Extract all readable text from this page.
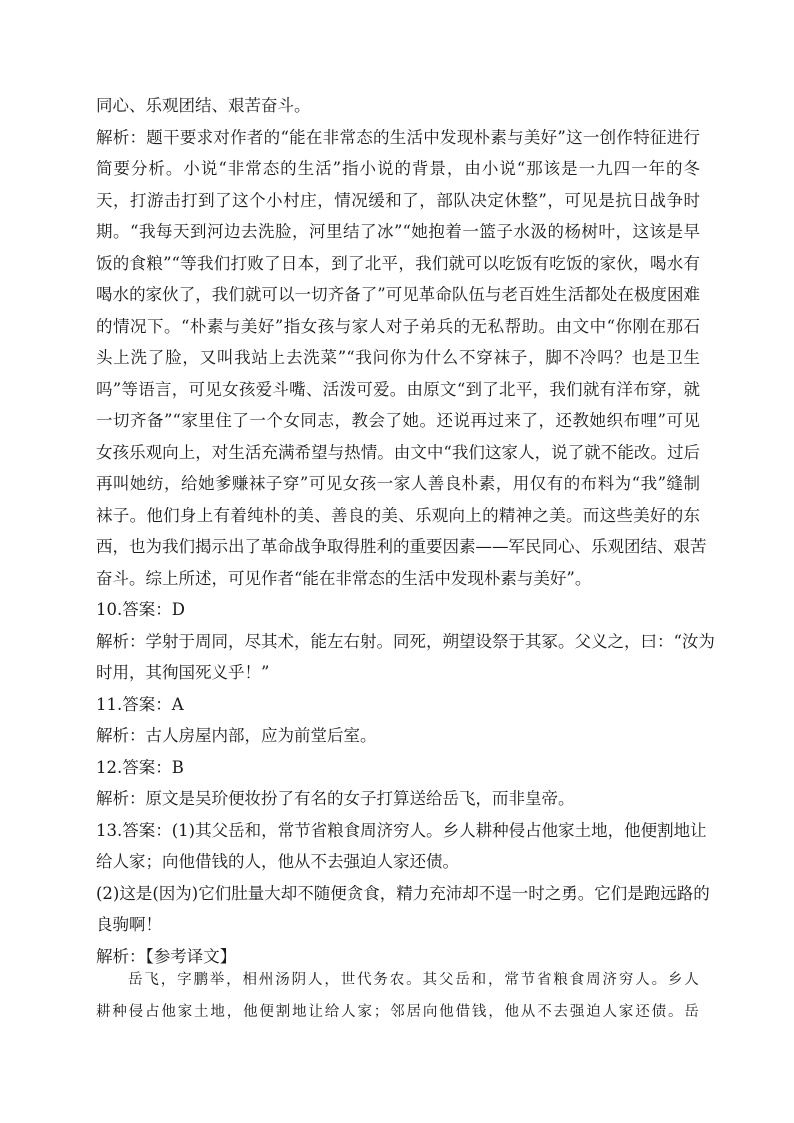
同心、乐观团结、艰苦奋斗。
解析：题干要求对作者的“能在非常态的生活中发现朴素与美好”这一创作特征进行
简要分析。小说“非常态的生活”指小说的背景，由小说“那该是一九四一年的冬
天，打游击打到了这个小村庄，情况缓和了，部队决定休整”，可见是抗日战争时
期。“我每天到河边去洗脸，河里结了冰”“她抱着一篮子水汲的杨树叶，这该是早
饭的食粮”“等我们打败了日本，到了北平，我们就可以吃饭有吃饭的家伙，喝水有
喝水的家伙了，我们就可以一切齐备了”可见革命队伍与老百姓生活都处在极度困难
的情况下。“朴素与美好”指女孩与家人对子弟兵的无私帮助。由文中“你刚在那石
头上洗了脸，又叫我站上去洗菜”“我问你为什么不穿袜子，脚不冷吗？也是卫生
吗”等语言，可见女孩爱斗嘴、活泼可爱。由原文“到了北平，我们就有洋布穿，就
一切齐备”“家里住了一个女同志，教会了她。还说再过来了，还教她织布哩”可见
女孩乐观向上，对生活充满希望与热情。由文中“我们这家人，说了就不能改。过后
再叫她纺，给她爹赚袜子穿”可见女孩一家人善良朴素，用仅有的布料为“我”缝制
袜子。他们身上有着纯朴的美、善良的美、乐观向上的精神之美。而这些美好的东
西，也为我们揭示出了革命战争取得胜利的重要因素——军民同心、乐观团结、艰苦
奋斗。综上所述，可见作者“能在非常态的生活中发现朴素与美好”。
10.答案：D
解析：学射于周同，尽其术，能左右射。同死，朔望设祭于其冢。父义之，曰：“汝为
时用，其徇国死义乎！”
11.答案：A
解析：古人房屋内部，应为前堂后室。
12.答案：B
解析：原文是吴玠便妆扮了有名的女子打算送给岳飞，而非皇帝。
13.答案：(1)其父岳和，常节省粮食周济穷人。乡人耕种侵占他家土地，他便割地让
给人家；向他借钱的人，他从不去强迫人家还债。
(2)这是(因为)它们肚量大却不随便贪食，精力充沛却不逞一时之勇。它们是跑远路的
良驹啊！
解析：【参考译文】
岳飞，字鹏举，相州汤阴人，世代务农。其父岳和，常节省粮食周济穷人。乡人
耕种侵占他家土地，他便割地让给人家；邻居向他借钱，他从不去强迫人家还债。岳
